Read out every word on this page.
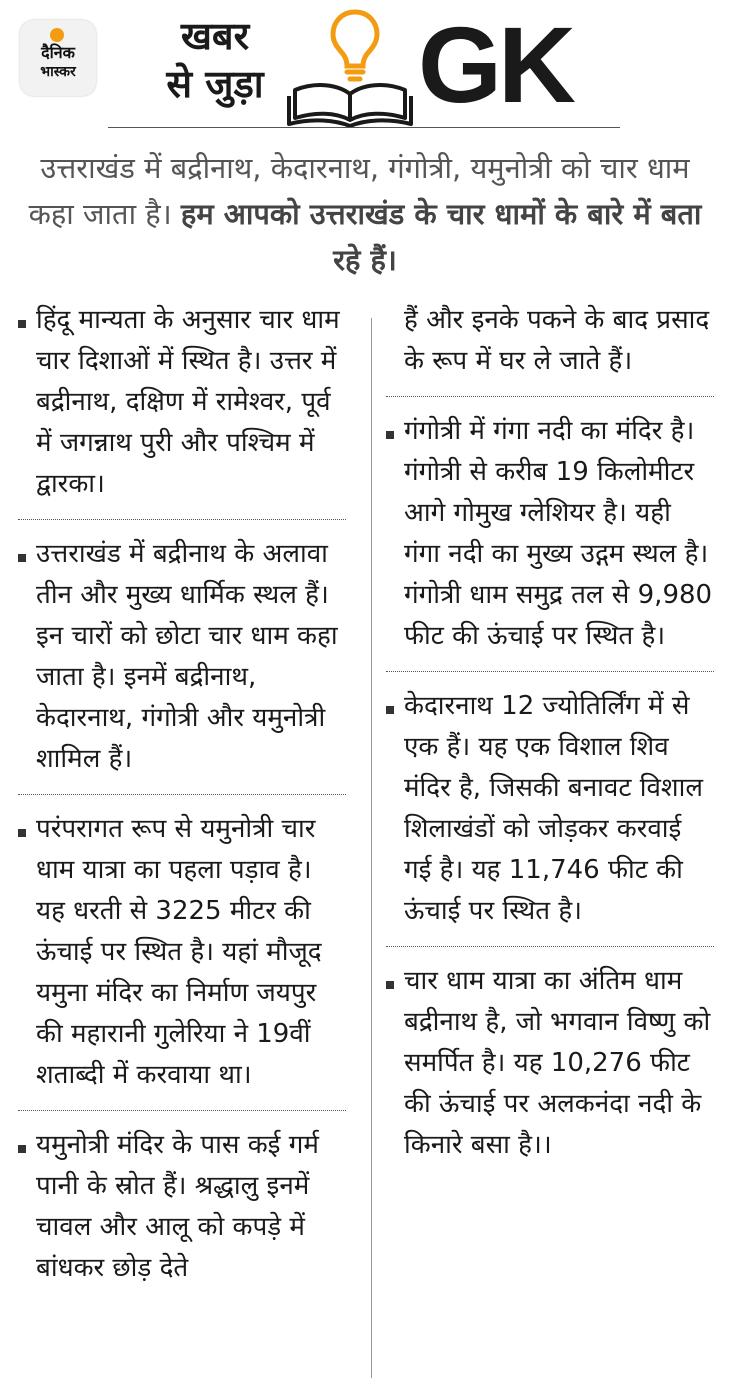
दैनिक
भास्कर
खबर
से जुड़ा GK
उत्तराखंड में बद्रीनाथ, केदारनाथ, गंगोत्री, यमुनोत्री को चार धाम कहा जाता है। हम आपको उत्तराखंड के चार धामों के बारे में बता रहे हैं।
हिंदू मान्यता के अनुसार चार धाम चार दिशाओं में स्थित है। उत्तर में बद्रीनाथ, दक्षिण में रामेश्वर, पूर्व में जगन्नाथ पुरी और पश्चिम में द्वारका।
उत्तराखंड में बद्रीनाथ के अलावा तीन और मुख्य धार्मिक स्थल हैं। इन चारों को छोटा चार धाम कहा जाता है। इनमें बद्रीनाथ, केदारनाथ, गंगोत्री और यमुनोत्री शामिल हैं।
परंपरागत रूप से यमुनोत्री चार धाम यात्रा का पहला पड़ाव है। यह धरती से 3225 मीटर की ऊंचाई पर स्थित है। यहां मौजूद यमुना मंदिर का निर्माण जयपुर की महारानी गुलेरिया ने 19वीं शताब्दी में करवाया था।
यमुनोत्री मंदिर के पास कई गर्म पानी के स्रोत हैं। श्रद्धालु इनमें चावल और आलू को कपड़े में बांधकर छोड़ देते
हैं और इनके पकने के बाद प्रसाद के रूप में घर ले जाते हैं।
गंगोत्री में गंगा नदी का मंदिर है। गंगोत्री से करीब 19 किलोमीटर आगे गोमुख ग्लेशियर है। यही गंगा नदी का मुख्य उद्गम स्थल है। गंगोत्री धाम समुद्र तल से 9,980 फीट की ऊंचाई पर स्थित है।
केदारनाथ 12 ज्योतिर्लिंग में से एक हैं। यह एक विशाल शिव मंदिर है, जिसकी बनावट विशाल शिलाखंडों को जोड़कर करवाई गई है। यह 11,746 फीट की ऊंचाई पर स्थित है।
चार धाम यात्रा का अंतिम धाम बद्रीनाथ है, जो भगवान विष्णु को समर्पित है। यह 10,276 फीट की ऊंचाई पर अलकनंदा नदी के किनारे बसा है।।
